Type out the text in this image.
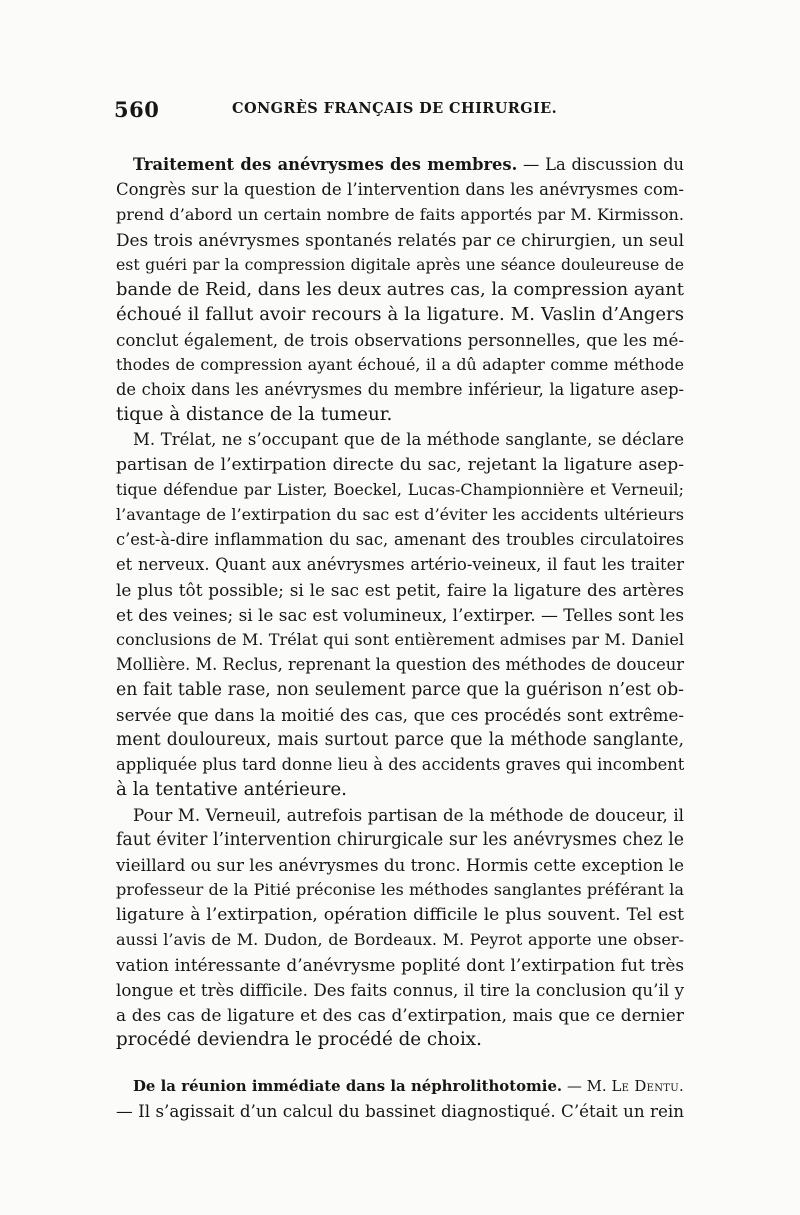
560	CONGRÈS FRANÇAIS DE CHIRURGIE.
Traitement des anévrysmes des membres. — La discussion du
Congrès sur la question de l’intervention dans les anévrysmes com-
prend d’abord un certain nombre de faits apportés par M. Kirmisson.
Des trois anévrysmes spontanés relatés par ce chirurgien, un seul
est guéri par la compression digitale après une séance douleureuse de
bande de Reid, dans les deux autres cas, la compression ayant
échoué il fallut avoir recours à la ligature. M. Vaslin d’Angers
conclut également, de trois observations personnelles, que les mé-
thodes de compression ayant échoué, il a dû adapter comme méthode
de choix dans les anévrysmes du membre inférieur, la ligature asep-
tique à distance de la tumeur.
M. Trélat, ne s’occupant que de la méthode sanglante, se déclare
partisan de l’extirpation directe du sac, rejetant la ligature asep-
tique défendue par Lister, Boeckel, Lucas-Championnière et Verneuil;
l’avantage de l’extirpation du sac est d’éviter les accidents ultérieurs
c’est-à-dire inflammation du sac, amenant des troubles circulatoires
et nerveux. Quant aux anévrysmes artério-veineux, il faut les traiter
le plus tôt possible; si le sac est petit, faire la ligature des artères
et des veines; si le sac est volumineux, l’extirper. — Telles sont les
conclusions de M. Trélat qui sont entièrement admises par M. Daniel
Mollière. M. Reclus, reprenant la question des méthodes de douceur
en fait table rase, non seulement parce que la guérison n’est ob-
servée que dans la moitié des cas, que ces procédés sont extrême-
ment douloureux, mais surtout parce que la méthode sanglante,
appliquée plus tard donne lieu à des accidents graves qui incombent
à la tentative antérieure.
Pour M. Verneuil, autrefois partisan de la méthode de douceur, il
faut éviter l’intervention chirurgicale sur les anévrysmes chez le
vieillard ou sur les anévrysmes du tronc. Hormis cette exception le
professeur de la Pitié préconise les méthodes sanglantes préférant la
ligature à l’extirpation, opération difficile le plus souvent. Tel est
aussi l’avis de M. Dudon, de Bordeaux. M. Peyrot apporte une obser-
vation intéressante d’anévrysme poplité dont l’extirpation fut très
longue et très difficile. Des faits connus, il tire la conclusion qu’il y
a des cas de ligature et des cas d’extirpation, mais que ce dernier
procédé deviendra le procédé de choix.
De la réunion immédiate dans la néphrolithotomie. — M. Le Dentu.
— Il s’agissait d’un calcul du bassinet diagnostiqué. C’était un rein
